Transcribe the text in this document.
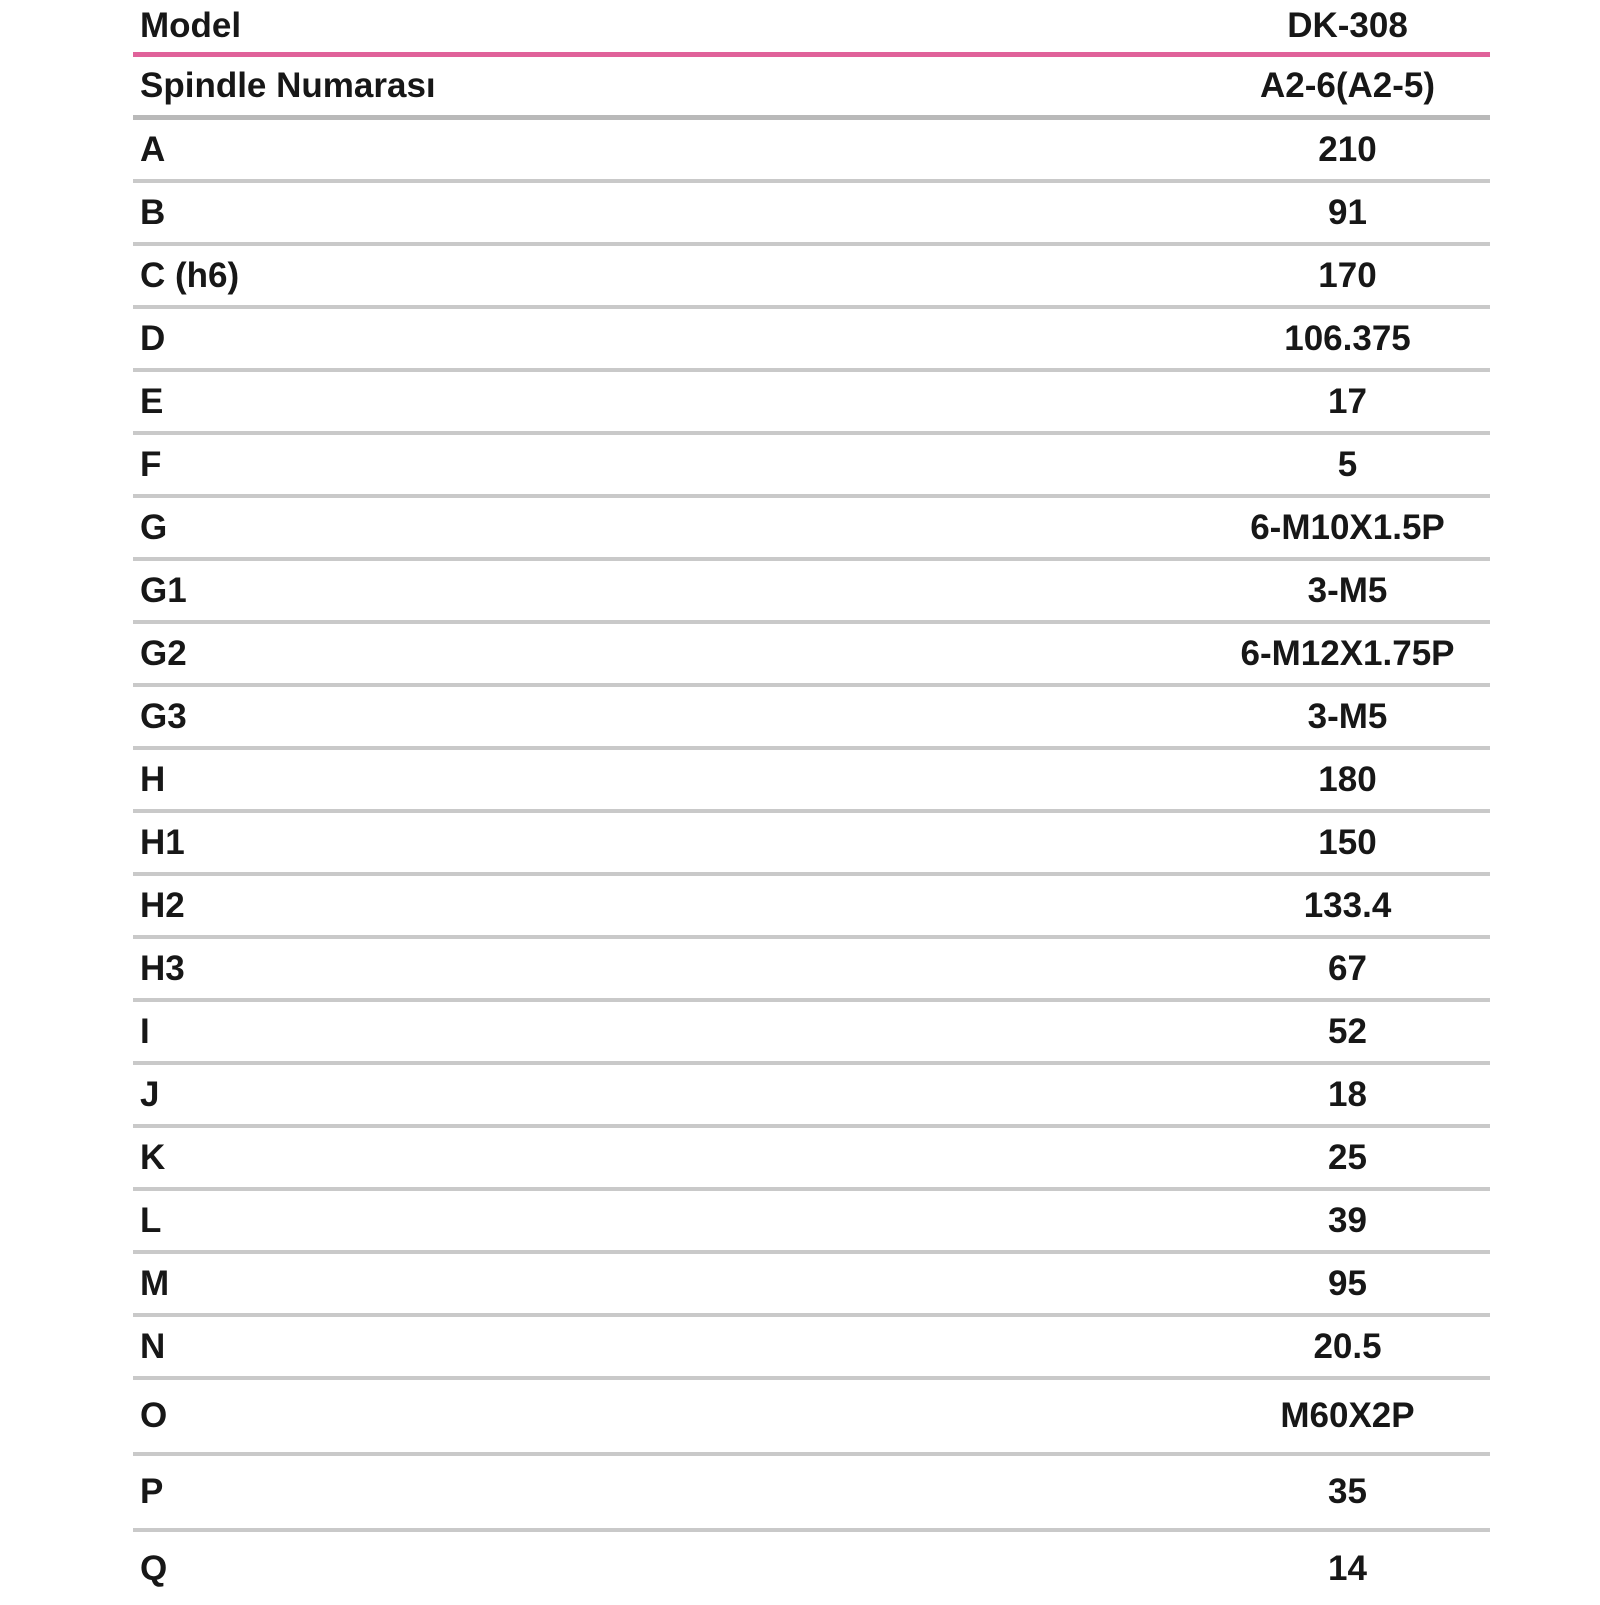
Model	DK-308
Spindle Numarası	A2-6(A2-5)
A	210
B	91
C (h6)	170
D	106.375
E	17
F	5
G	6-M10X1.5P
G1	3-M5
G2	6-M12X1.75P
G3	3-M5
H	180
H1	150
H2	133.4
H3	67
I	52
J	18
K	25
L	39
M	95
N	20.5
O	M60X2P
P	35
Q	14
